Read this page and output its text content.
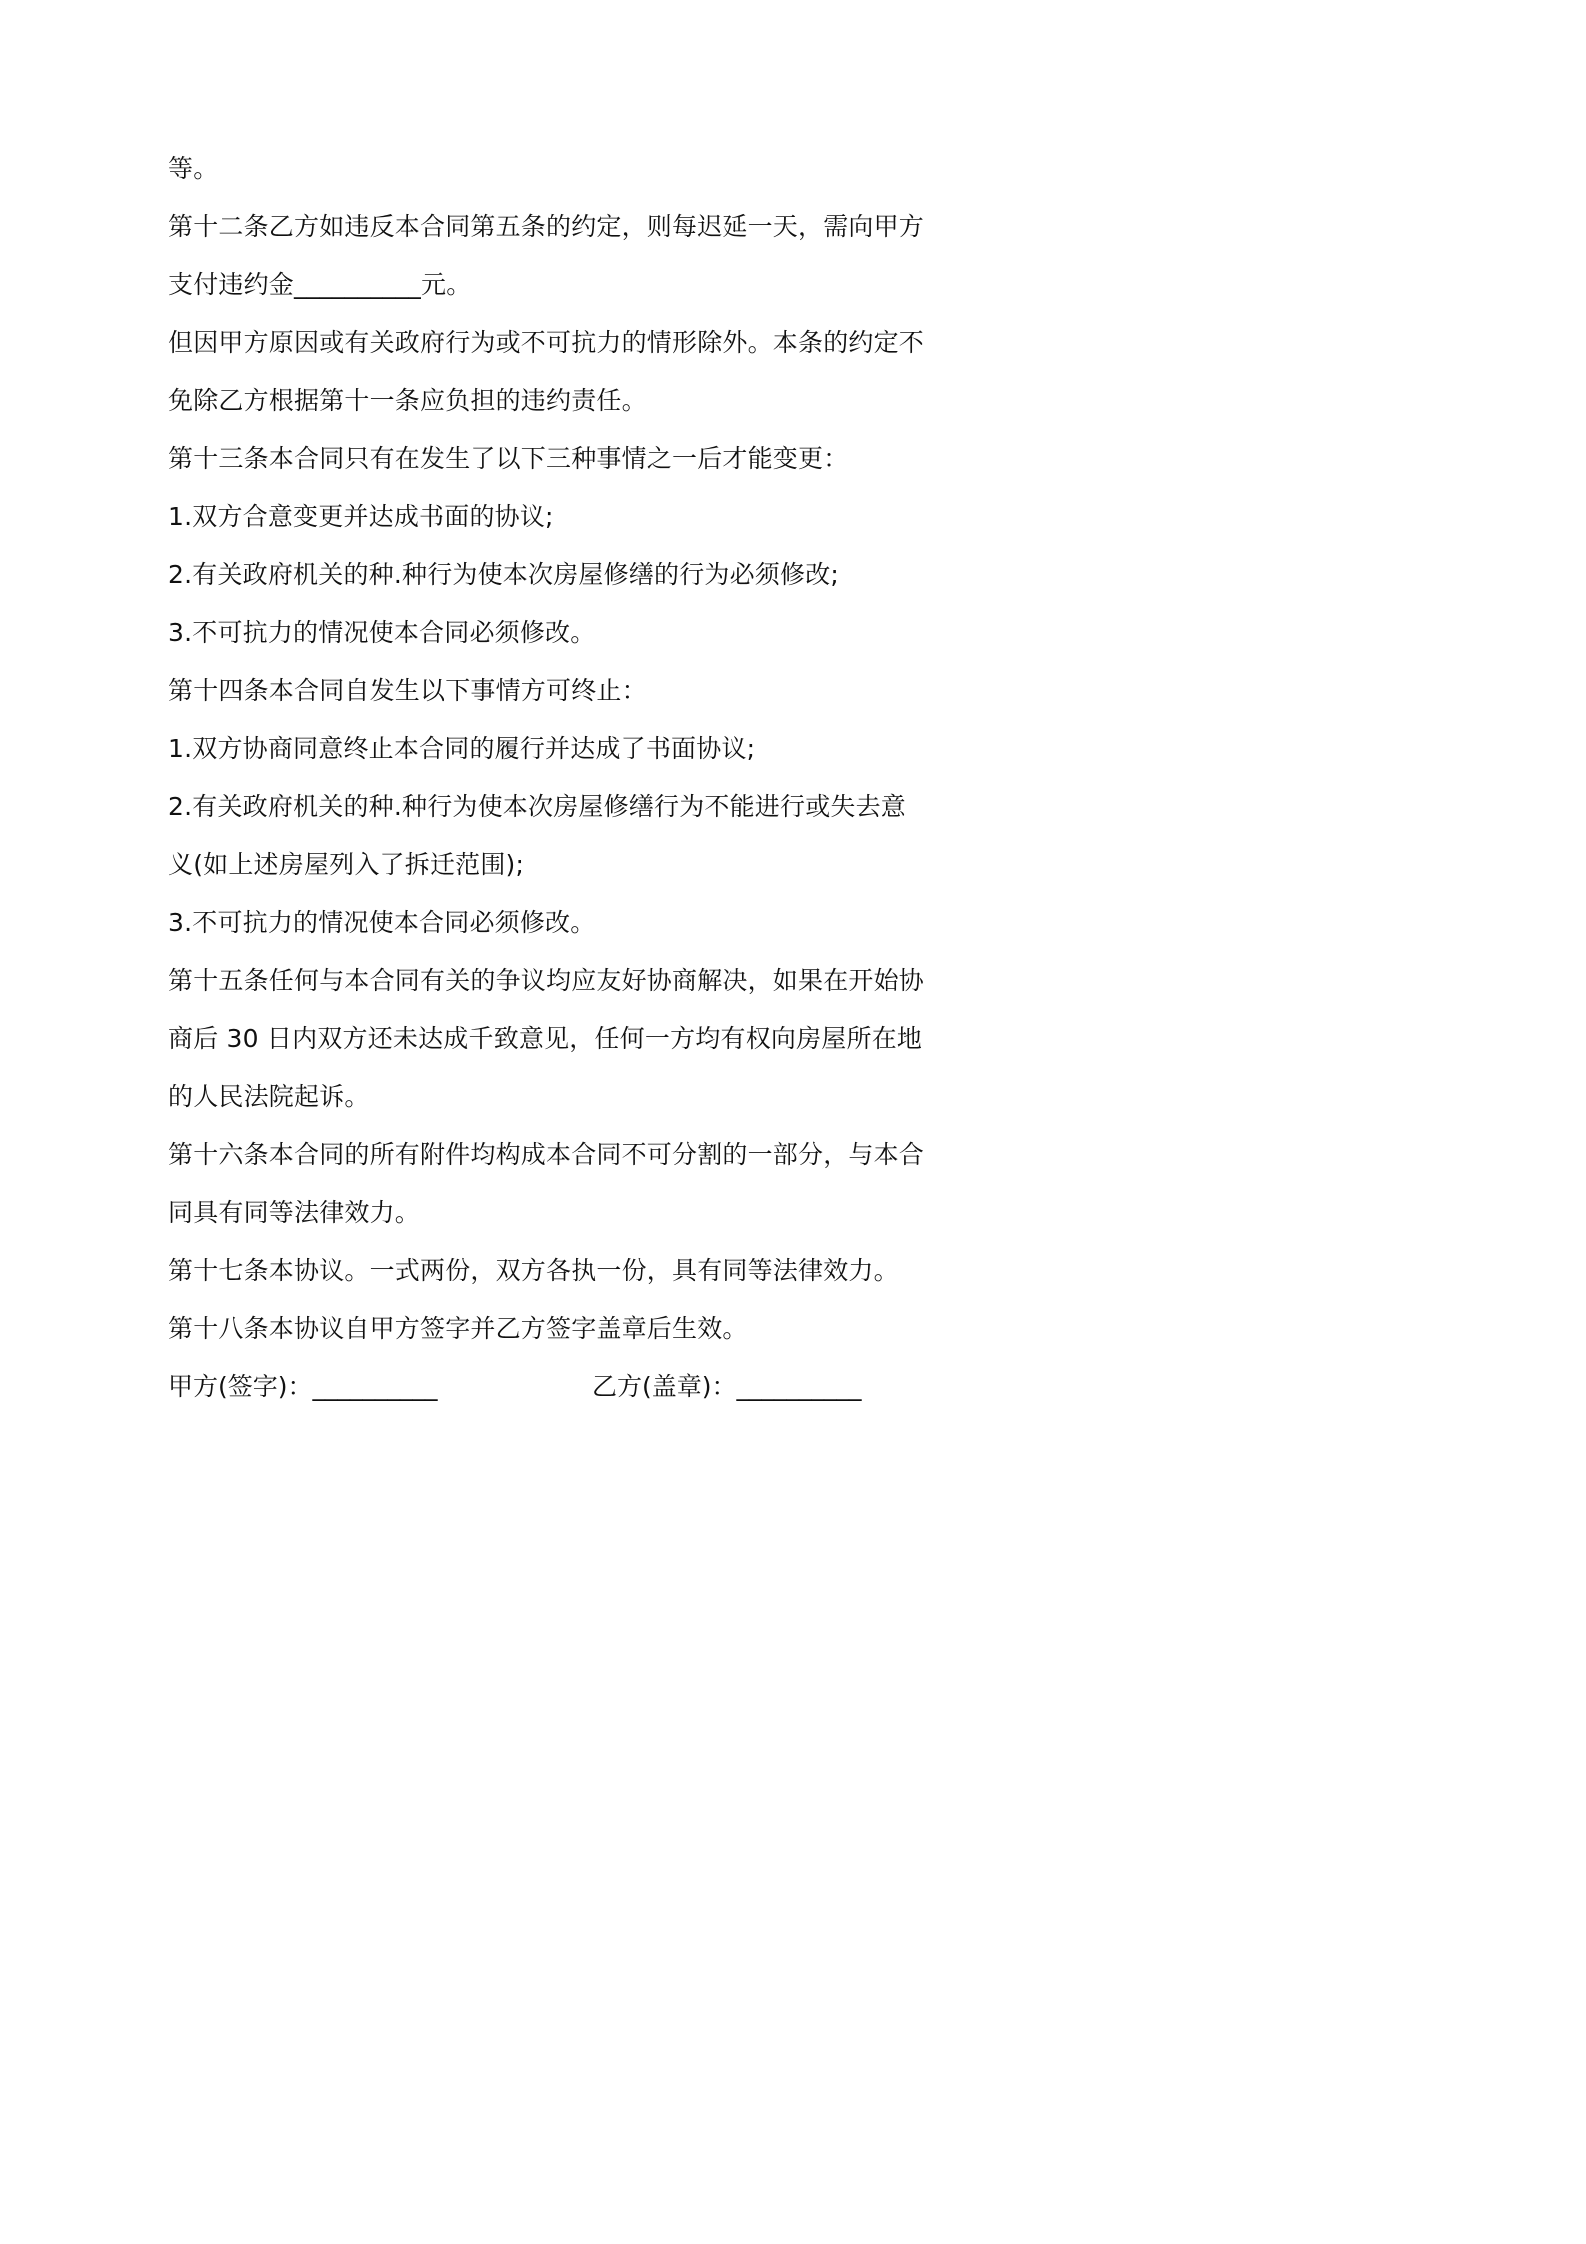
等。
第十二条乙方如违反本合同第五条的约定，则每迟延一天，需向甲方
支付违约金__________元。
但因甲方原因或有关政府行为或不可抗力的情形除外。本条的约定不
免除乙方根据第十一条应负担的违约责任。
第十三条本合同只有在发生了以下三种事情之一后才能变更：
1.双方合意变更并达成书面的协议;
2.有关政府机关的种.种行为使本次房屋修缮的行为必须修改;
3.不可抗力的情况使本合同必须修改。
第十四条本合同自发生以下事情方可终止：
1.双方协商同意终止本合同的履行并达成了书面协议;
2.有关政府机关的种.种行为使本次房屋修缮行为不能进行或失去意
义(如上述房屋列入了拆迁范围);
3.不可抗力的情况使本合同必须修改。
第十五条任何与本合同有关的争议均应友好协商解决，如果在开始协
商后 30 日内双方还未达成千致意见，任何一方均有权向房屋所在地
的人民法院起诉。
第十六条本合同的所有附件均构成本合同不可分割的一部分，与本合
同具有同等法律效力。
第十七条本协议。一式两份，双方各执一份，具有同等法律效力。
第十八条本协议自甲方签字并乙方签字盖章后生效。
甲方(签字)：__________	乙方(盖章)：__________
